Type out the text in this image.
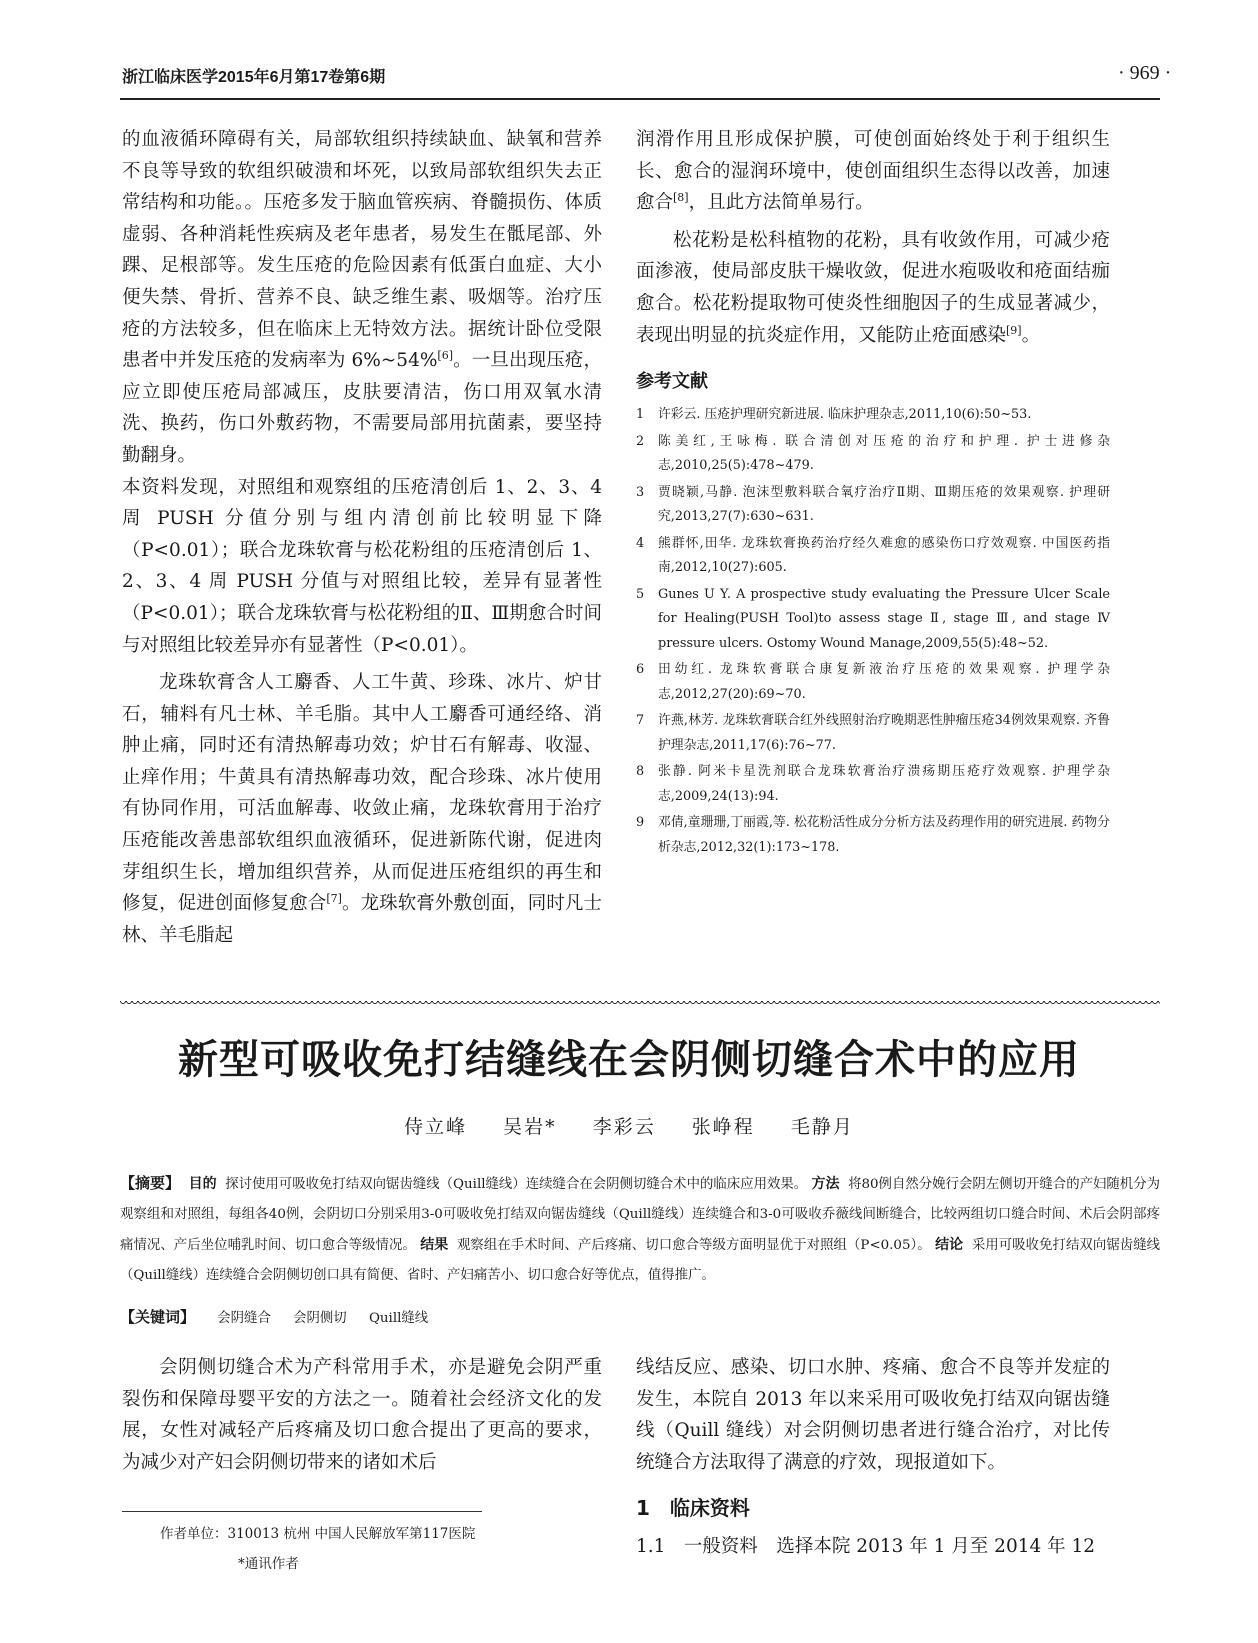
浙江临床医学2015年6月第17卷第6期	· 969 ·

的血液循环障碍有关，局部软组织持续缺血、缺氧和营养不良等导致的软组织破溃和坏死，以致局部软组织失去正常结构和功能。。压疮多发于脑血管疾病、脊髓损伤、体质虚弱、各种消耗性疾病及老年患者，易发生在骶尾部、外踝、足根部等。发生压疮的危险因素有低蛋白血症、大小便失禁、骨折、营养不良、缺乏维生素、吸烟等。治疗压疮的方法较多，但在临床上无特效方法。据统计卧位受限患者中并发压疮的发病率为 6%~54%[6]。一旦出现压疮，应立即使压疮局部减压，皮肤要清洁，伤口用双氧水清洗、换药，伤口外敷药物，不需要局部用抗菌素，要坚持勤翻身。

本资料发现，对照组和观察组的压疮清创后 1、2、3、4 周 PUSH 分值分别与组内清创前比较明显下降（P<0.01）；联合龙珠软膏与松花粉组的压疮清创后 1、2、3、4 周 PUSH 分值与对照组比较，差异有显著性（P<0.01）；联合龙珠软膏与松花粉组的Ⅱ、Ⅲ期愈合时间与对照组比较差异亦有显著性（P<0.01）。

龙珠软膏含人工麝香、人工牛黄、珍珠、冰片、炉甘石，辅料有凡士林、羊毛脂。其中人工麝香可通经络、消肿止痛，同时还有清热解毒功效；炉甘石有解毒、收湿、止痒作用；牛黄具有清热解毒功效，配合珍珠、冰片使用有协同作用，可活血解毒、收敛止痛，龙珠软膏用于治疗压疮能改善患部软组织血液循环，促进新陈代谢，促进肉芽组织生长，增加组织营养，从而促进压疮组织的再生和修复，促进创面修复愈合[7]。龙珠软膏外敷创面，同时凡士林、羊毛脂起

润滑作用且形成保护膜，可使创面始终处于利于组织生长、愈合的湿润环境中，使创面组织生态得以改善，加速愈合[8]，且此方法简单易行。

松花粉是松科植物的花粉，具有收敛作用，可减少疮面渗液，使局部皮肤干燥收敛，促进水疱吸收和疮面结痂愈合。松花粉提取物可使炎性细胞因子的生成显著减少，表现出明显的抗炎症作用，又能防止疮面感染[9]。

参考文献
1 许彩云. 压疮护理研究新进展. 临床护理杂志,2011,10(6):50~53.
2 陈美红,王咏梅. 联合清创对压疮的治疗和护理. 护士进修杂志,2010,25(5):478~479.
3 贾晓颖,马静. 泡沫型敷料联合氧疗治疗Ⅱ期、Ⅲ期压疮的效果观察. 护理研究,2013,27(7):630~631.
4 熊群怀,田华. 龙珠软膏换药治疗经久难愈的感染伤口疗效观察. 中国医药指南,2012,10(27):605.
5 Gunes U Y. A prospective study evaluating the Pressure Ulcer Scale for Healing(PUSH Tool)to assess stage Ⅱ, stage Ⅲ, and stage Ⅳ pressure ulcers. Ostomy Wound Manage,2009,55(5):48~52.
6 田幼红. 龙珠软膏联合康复新液治疗压疮的效果观察. 护理学杂志,2012,27(20):69~70.
7 许燕,林芳. 龙珠软膏联合红外线照射治疗晚期恶性肿瘤压疮34例效果观察. 齐鲁护理杂志,2011,17(6):76~77.
8 张静. 阿米卡星洗剂联合龙珠软膏治疗溃疡期压疮疗效观察. 护理学杂志,2009,24(13):94.
9 邓倩,童珊珊,丁丽霞,等. 松花粉活性成分分析方法及药理作用的研究进展. 药物分析杂志,2012,32(1):173~178.
新型可吸收免打结缝线在会阴侧切缝合术中的应用
侍立峰 吴岩* 李彩云 张峥程 毛静月
【摘要】 目的 探讨使用可吸收免打结双向锯齿缝线（Quill缝线）连续缝合在会阴侧切缝合术中的临床应用效果。 方法 将80例自然分娩行会阴左侧切开缝合的产妇随机分为观察组和对照组，每组各40例，会阴切口分别采用3-0可吸收免打结双向锯齿缝线（Quill缝线）连续缝合和3-0可吸收乔薇线间断缝合，比较两组切口缝合时间、术后会阴部疼痛情况、产后坐位哺乳时间、切口愈合等级情况。 结果 观察组在手术时间、产后疼痛、切口愈合等级方面明显优于对照组（P<0.05）。 结论 采用可吸收免打结双向锯齿缝线（Quill缝线）连续缝合会阴侧切创口具有简便、省时、产妇痛苦小、切口愈合好等优点，值得推广。
【关键词】 会阴缝合 会阴侧切 Quill缝线

会阴侧切缝合术为产科常用手术，亦是避免会阴严重裂伤和保障母婴平安的方法之一。随着社会经济文化的发展，女性对减轻产后疼痛及切口愈合提出了更高的要求，为减少对产妇会阴侧切带来的诸如术后

线结反应、感染、切口水肿、疼痛、愈合不良等并发症的发生，本院自 2013 年以来采用可吸收免打结双向锯齿缝线（Quill 缝线）对会阴侧切患者进行缝合治疗，对比传统缝合方法取得了满意的疗效，现报道如下。

1　临床资料

1.1　一般资料　选择本院 2013 年 1 月至 2014 年 12

作者单位：310013 杭州 中国人民解放军第117医院
*通讯作者
